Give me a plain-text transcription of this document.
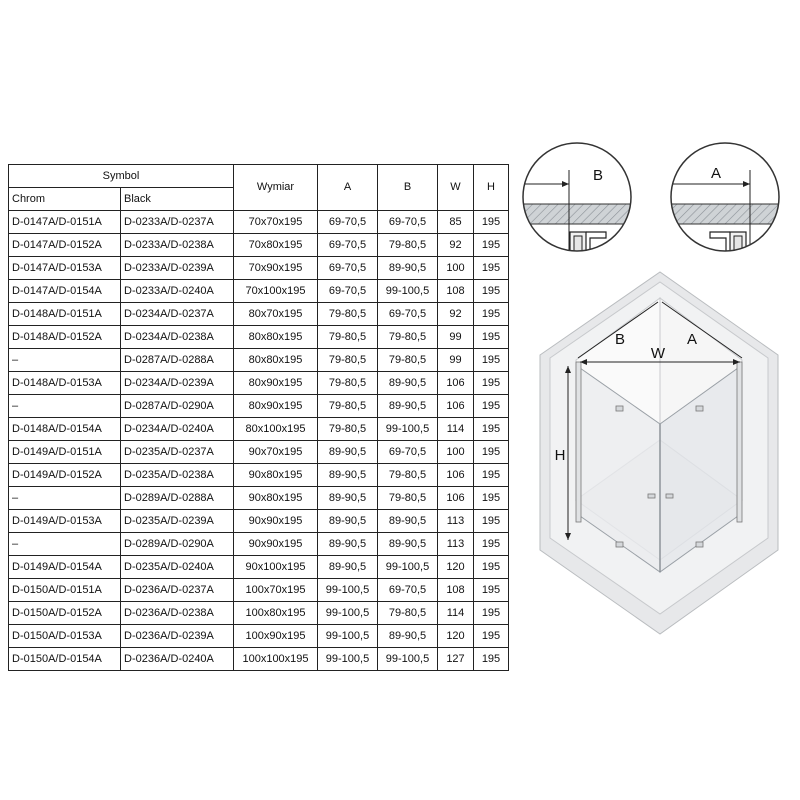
Symbol		Wymiar	A	B	W	H
Chrom	Black					
D-0147A/D-0151A	D-0233A/D-0237A	70x70x195	69-70,5	69-70,5	85	195
D-0147A/D-0152A	D-0233A/D-0238A	70x80x195	69-70,5	79-80,5	92	195
D-0147A/D-0153A	D-0233A/D-0239A	70x90x195	69-70,5	89-90,5	100	195
D-0147A/D-0154A	D-0233A/D-0240A	70x100x195	69-70,5	99-100,5	108	195
D-0148A/D-0151A	D-0234A/D-0237A	80x70x195	79-80,5	69-70,5	92	195
D-0148A/D-0152A	D-0234A/D-0238A	80x80x195	79-80,5	79-80,5	99	195
–	D-0287A/D-0288A	80x80x195	79-80,5	79-80,5	99	195
D-0148A/D-0153A	D-0234A/D-0239A	80x90x195	79-80,5	89-90,5	106	195
–	D-0287A/D-0290A	80x90x195	79-80,5	89-90,5	106	195
D-0148A/D-0154A	D-0234A/D-0240A	80x100x195	79-80,5	99-100,5	114	195
D-0149A/D-0151A	D-0235A/D-0237A	90x70x195	89-90,5	69-70,5	100	195
D-0149A/D-0152A	D-0235A/D-0238A	90x80x195	89-90,5	79-80,5	106	195
–	D-0289A/D-0288A	90x80x195	89-90,5	79-80,5	106	195
D-0149A/D-0153A	D-0235A/D-0239A	90x90x195	89-90,5	89-90,5	113	195
–	D-0289A/D-0290A	90x90x195	89-90,5	89-90,5	113	195
D-0149A/D-0154A	D-0235A/D-0240A	90x100x195	89-90,5	99-100,5	120	195
D-0150A/D-0151A	D-0236A/D-0237A	100x70x195	99-100,5	69-70,5	108	195
D-0150A/D-0152A	D-0236A/D-0238A	100x80x195	99-100,5	79-80,5	114	195
D-0150A/D-0153A	D-0236A/D-0239A	100x90x195	99-100,5	89-90,5	120	195
D-0150A/D-0154A	D-0236A/D-0240A	100x100x195	99-100,5	99-100,5	127	195
B	A
B	A
W
H
